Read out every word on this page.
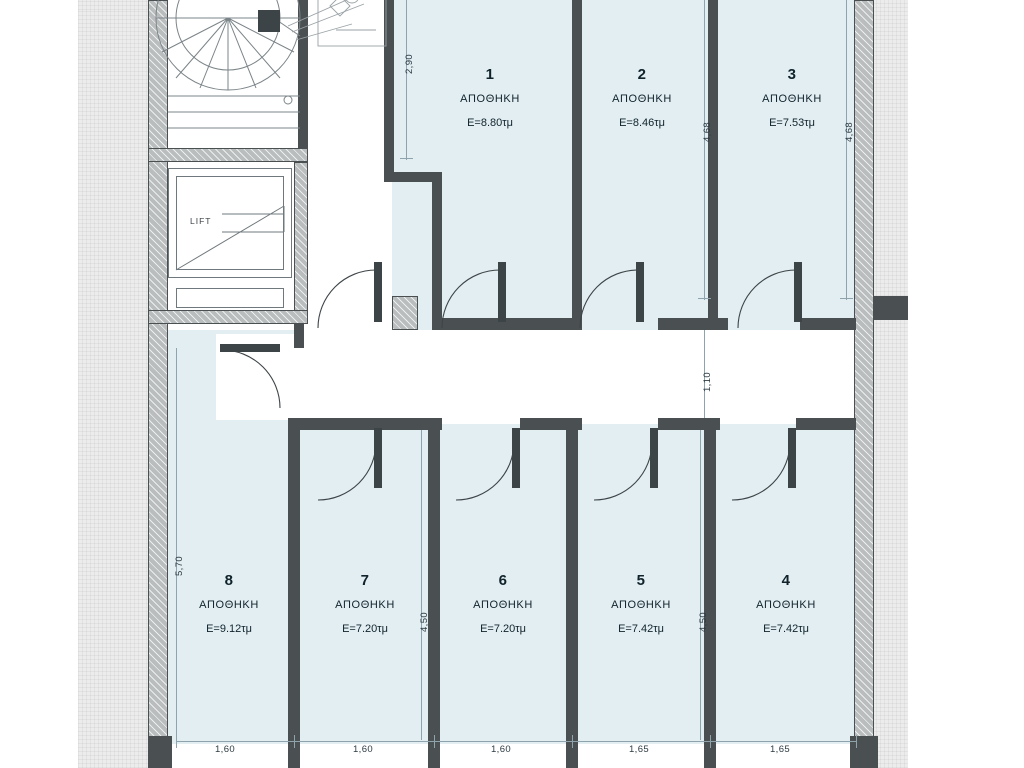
LIFT
1
ΑΠΟΘΗΚΗ
E=8.80τμ
2
ΑΠΟΘΗΚΗ
E=8.46τμ
3
ΑΠΟΘΗΚΗ
E=7.53τμ
8
ΑΠΟΘΗΚΗ
E=9.12τμ
7
ΑΠΟΘΗΚΗ
E=7.20τμ
6
ΑΠΟΘΗΚΗ
E=7.20τμ
5
ΑΠΟΘΗΚΗ
E=7.42τμ
4
ΑΠΟΘΗΚΗ
E=7.42τμ
2,90
4,68	4,68
1,10
5,70
4,50	4,50
1,60	1,60	1,60	1,65	1,65
